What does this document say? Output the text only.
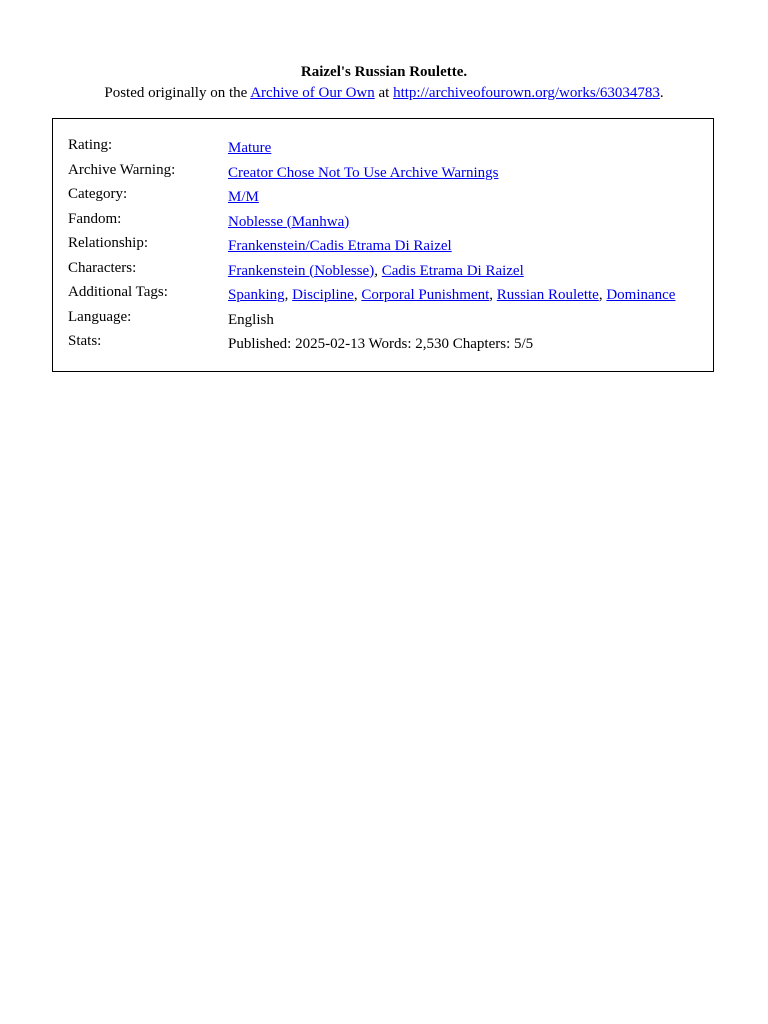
Raizel's Russian Roulette.

Posted originally on the Archive of Our Own at http://archiveofourown.org/works/63034783.

Rating:	Mature
Archive Warning:	Creator Chose Not To Use Archive Warnings
Category:	M/M
Fandom:	Noblesse (Manhwa)
Relationship:	Frankenstein/Cadis Etrama Di Raizel
Characters:	Frankenstein (Noblesse), Cadis Etrama Di Raizel
Additional Tags:	Spanking, Discipline, Corporal Punishment, Russian Roulette, Dominance
Language:	English
Stats:	Published: 2025-02-13 Words: 2,530 Chapters: 5/5
